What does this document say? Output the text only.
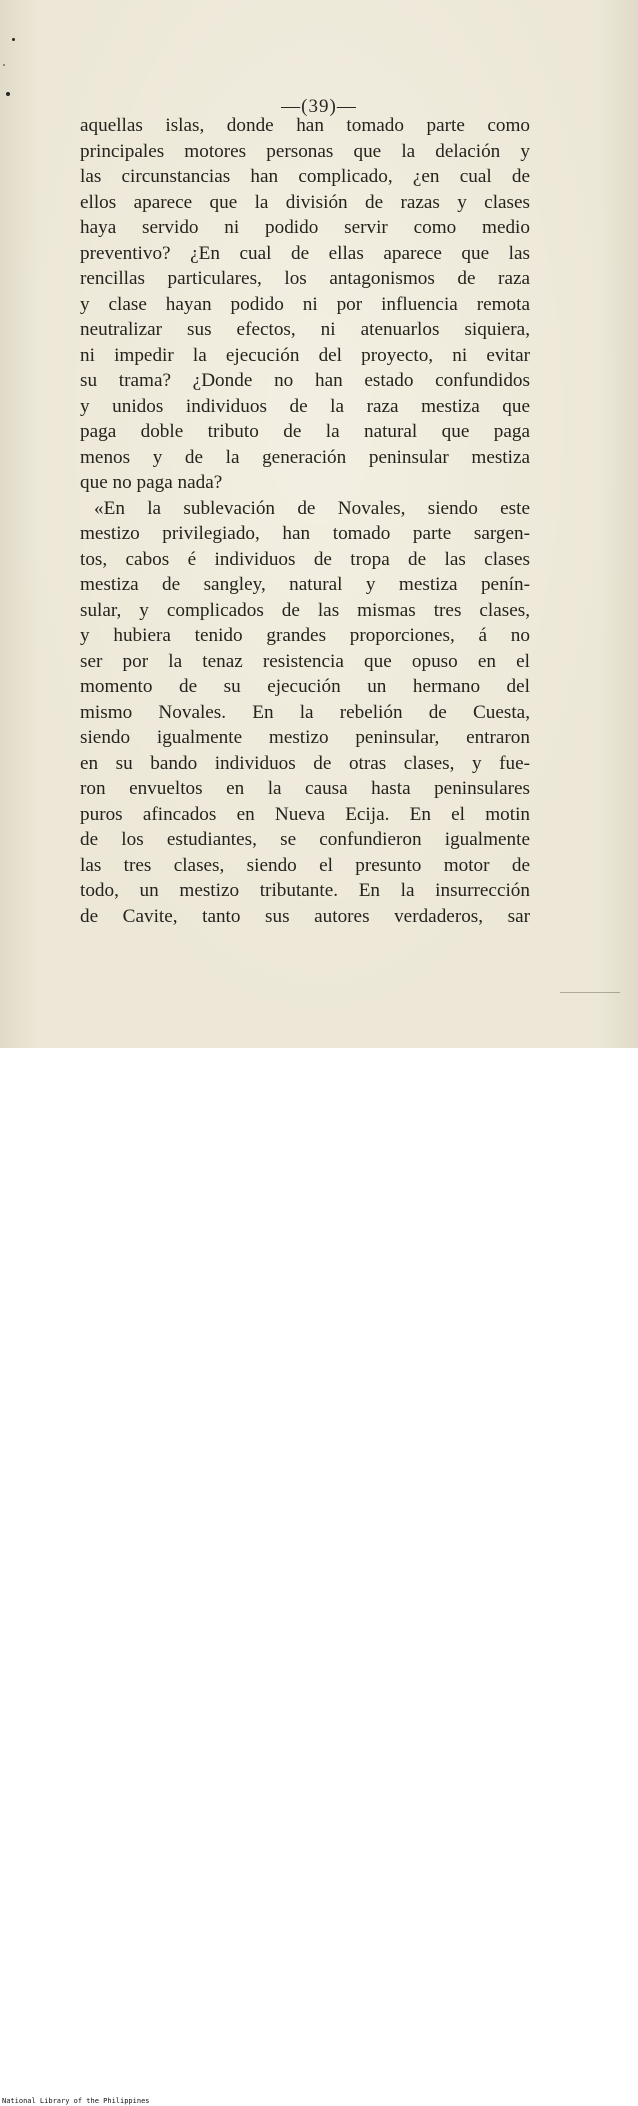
—(39)—
aquellas islas, donde han tomado parte como
principales motores personas que la delación y
las circunstancias han complicado, ¿en cual de
ellos aparece que la división de razas y clases
haya servido ni podido servir como medio
preventivo? ¿En cual de ellas aparece que las
rencillas particulares, los antagonismos de raza
y clase hayan podido ni por influencia remota
neutralizar sus efectos, ni atenuarlos siquiera,
ni impedir la ejecución del proyecto, ni evitar
su trama? ¿Donde no han estado confundidos
y unidos individuos de la raza mestiza que
paga doble tributo de la natural que paga
menos y de la generación peninsular mestiza
que no paga nada?
«En la sublevación de Novales, siendo este
mestizo privilegiado, han tomado parte sargen-
tos, cabos é individuos de tropa de las clases
mestiza de sangley, natural y mestiza penín-
sular, y complicados de las mismas tres clases,
y hubiera tenido grandes proporciones, á no
ser por la tenaz resistencia que opuso en el
momento de su ejecución un hermano del
mismo Novales. En la rebelión de Cuesta,
siendo igualmente mestizo peninsular, entraron
en su bando individuos de otras clases, y fue-
ron envueltos en la causa hasta peninsulares
puros afincados en Nueva Ecija. En el motin
de los estudiantes, se confundieron igualmente
las tres clases, siendo el presunto motor de
todo, un mestizo tributante. En la insurrección
de Cavite, tanto sus autores verdaderos, sar
National Library of the Philippines
